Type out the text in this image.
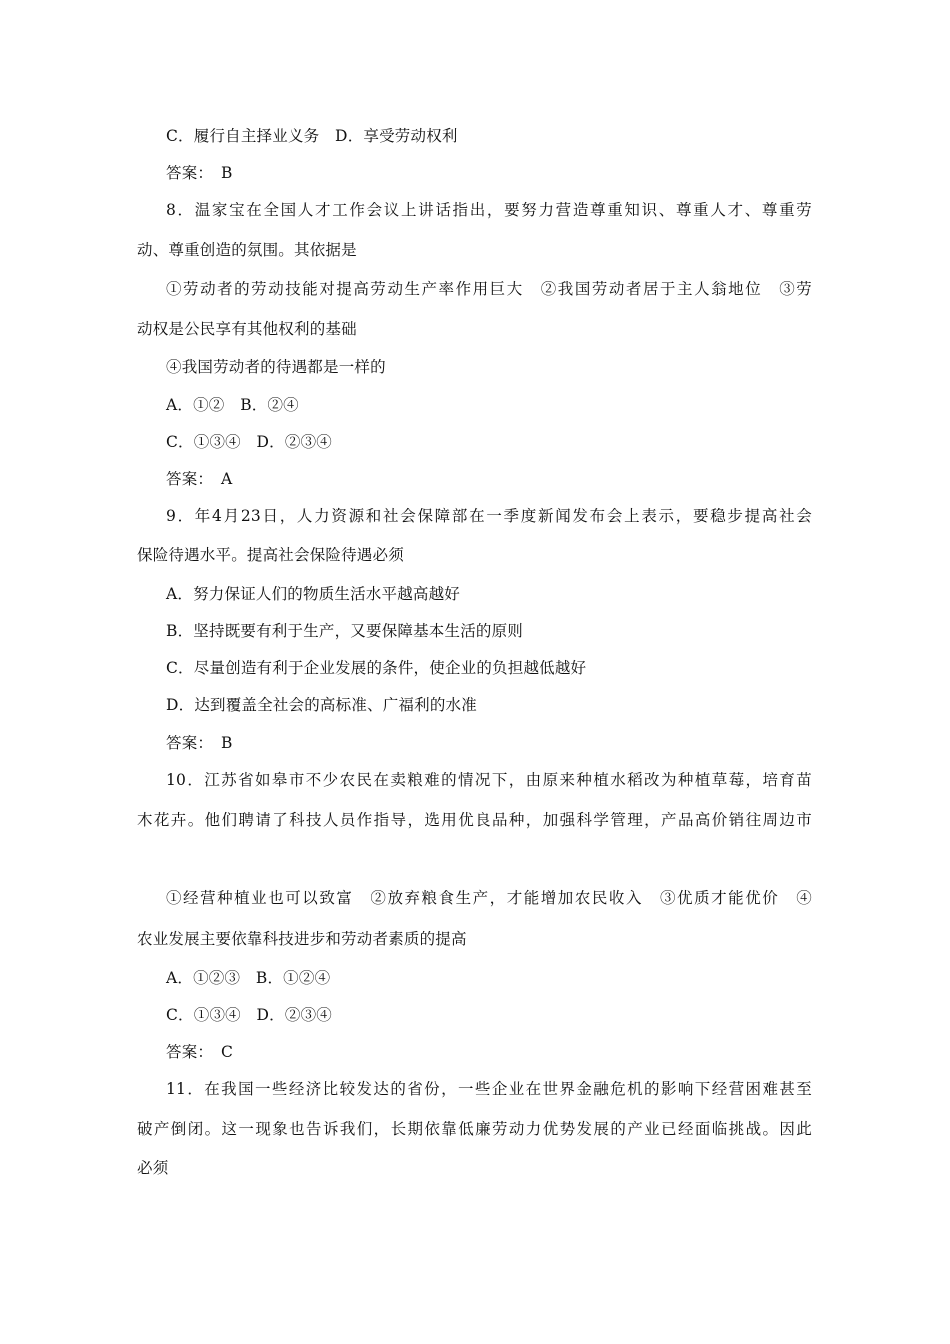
C．履行自主择业义务　D．享受劳动权利
答案：　B
8．温家宝在全国人才工作会议上讲话指出，要努力营造尊重知识、尊重人才、尊重劳
动、尊重创造的氛围。其依据是
①劳动者的劳动技能对提高劳动生产率作用巨大　②我国劳动者居于主人翁地位　③劳
动权是公民享有其他权利的基础
④我国劳动者的待遇都是一样的
A．①②　B．②④
C．①③④　D．②③④
答案：　A
9．年4月23日，人力资源和社会保障部在一季度新闻发布会上表示，要稳步提高社会
保险待遇水平。提高社会保险待遇必须
A．努力保证人们的物质生活水平越高越好
B．坚持既要有利于生产，又要保障基本生活的原则
C．尽量创造有利于企业发展的条件，使企业的负担越低越好
D．达到覆盖全社会的高标准、广福利的水准
答案：　B
10．江苏省如皋市不少农民在卖粮难的情况下，由原来种植水稻改为种植草莓，培育苗
木花卉。他们聘请了科技人员作指导，选用优良品种，加强科学管理，产品高价销往周边市
①经营种植业也可以致富　②放弃粮食生产，才能增加农民收入　③优质才能优价　④
农业发展主要依靠科技进步和劳动者素质的提高
A．①②③　B．①②④
C．①③④　D．②③④
答案：　C
11．在我国一些经济比较发达的省份，一些企业在世界金融危机的影响下经营困难甚至
破产倒闭。这一现象也告诉我们，长期依靠低廉劳动力优势发展的产业已经面临挑战。因此
必须
